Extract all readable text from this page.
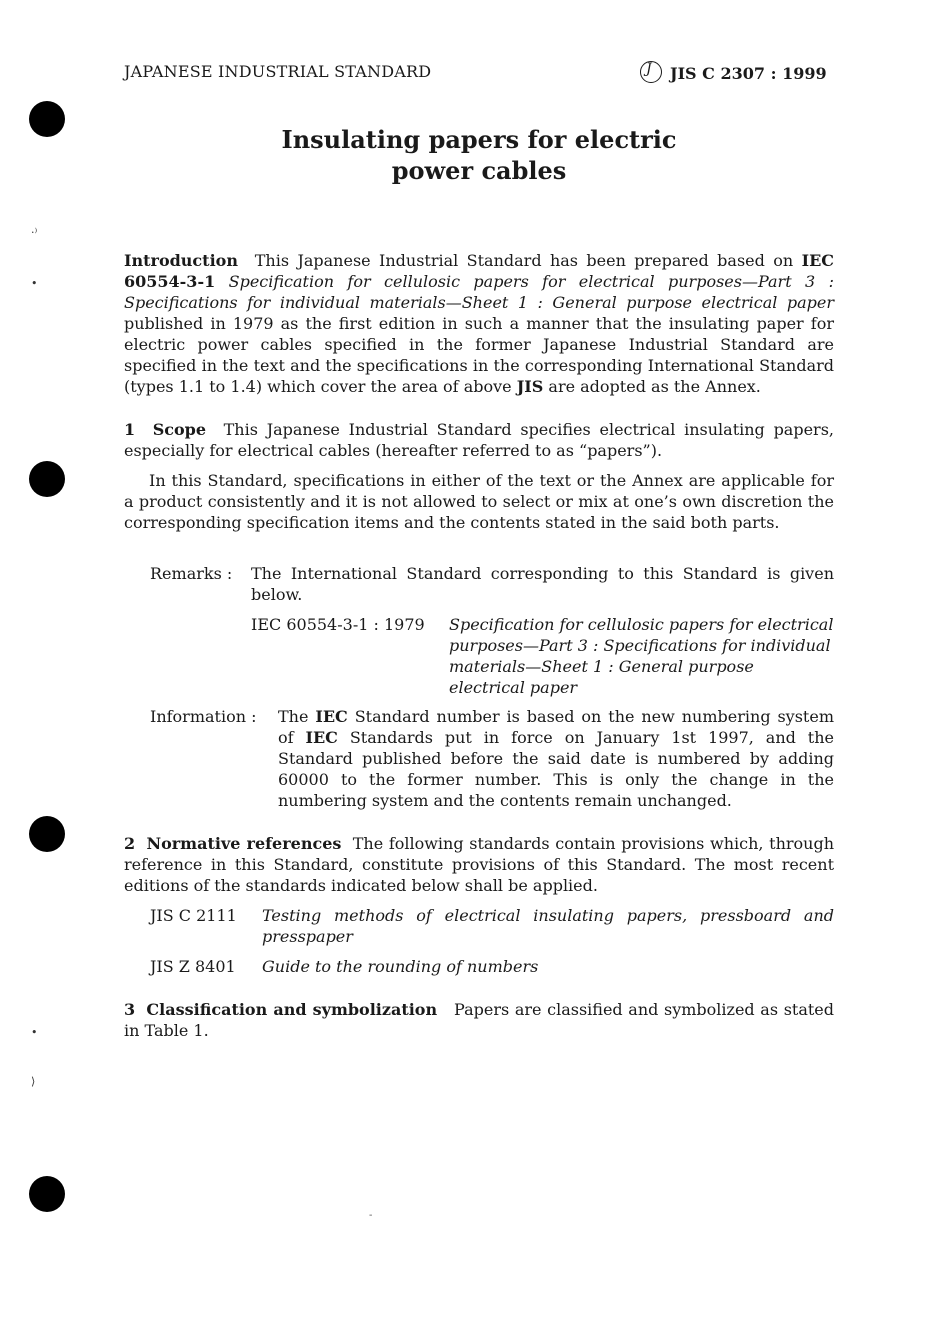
JAPANESE INDUSTRIAL STANDARD
J	JIS C 2307 : 1999
Insulating papers for electric
power cables
·⁾
•
•
⟩
-
Introduction This Japanese Industrial Standard has been prepared based on IEC 60554-3-1 Specification for cellulosic papers for electrical purposes—Part 3 : Specifications for individual materials—Sheet 1 : General purpose electrical paper published in 1979 as the first edition in such a manner that the insulating paper for electric power cables specified in the former Japanese Industrial Standard are specified in the text and the specifications in the corresponding International Standard (types 1.1 to 1.4) which cover the area of above JIS are adopted as the Annex.
1 Scope This Japanese Industrial Standard specifies electrical insulating papers, especially for electrical cables (hereafter referred to as “papers”).
In this Standard, specifications in either of the text or the Annex are applicable for a product consistently and it is not allowed to select or mix at one’s own discretion the corresponding specification items and the contents stated in the said both parts.
Remarks :	The International Standard corresponding to this Standard is given below.
IEC 60554-3-1 : 1979	Specification for cellulosic papers for electrical purposes—Part 3 : Specifications for individual materials—Sheet 1 : General purpose electrical paper
Information :	The IEC Standard number is based on the new numbering system of IEC Standards put in force on January 1st 1997, and the Standard published before the said date is numbered by adding 60000 to the former number. This is only the change in the numbering system and the contents remain unchanged.
2 Normative references The following standards contain provisions which, through reference in this Standard, constitute provisions of this Standard. The most recent editions of the standards indicated below shall be applied.
JIS C 2111	Testing methods of electrical insulating papers, pressboard and presspaper
JIS Z 8401	Guide to the rounding of numbers
3 Classification and symbolization Papers are classified and symbolized as stated in Table 1.
